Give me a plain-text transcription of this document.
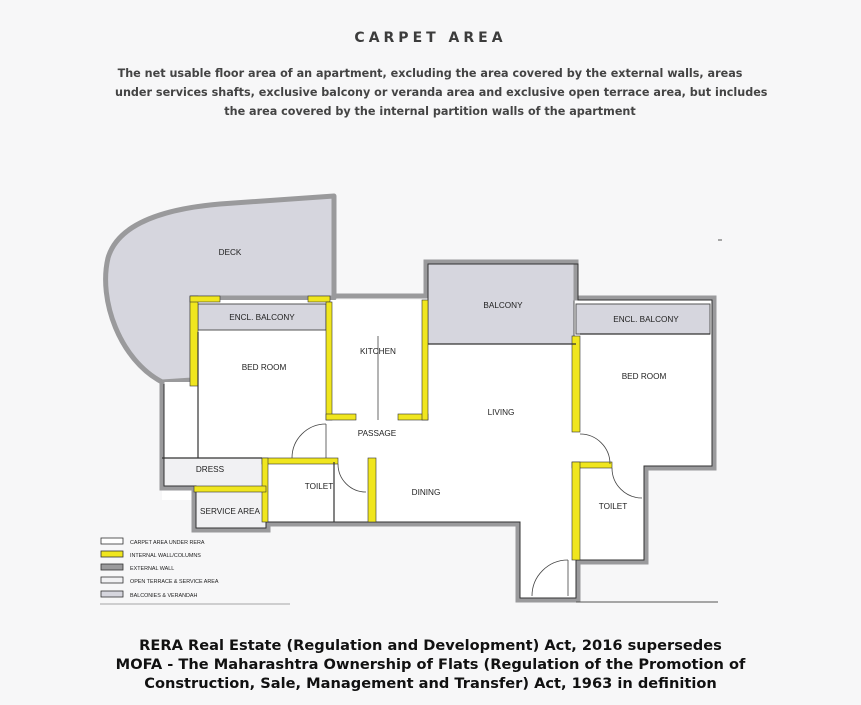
CARPET AREA
The net usable floor area of an apartment, excluding the area covered by the external walls, areas
under services shafts, exclusive balcony or veranda area and exclusive open terrace area, but includes
the area covered by the internal partition walls of the apartment
DECK
ENCL. BALCONY
BED ROOM
KITCHEN
BALCONY
ENCL. BALCONY
BED ROOM
LIVING
PASSAGE
DRESS
TOILET
DINING
TOILET
SERVICE AREA
CARPET AREA UNDER RERA
INTERNAL WALL/COLUMNS
EXTERNAL WALL
OPEN TERRACE & SERVICE AREA
BALCONIES & VERANDAH
RERA Real Estate (Regulation and Development) Act, 2016 supersedes
MOFA - The Maharashtra Ownership of Flats (Regulation of the Promotion of
Construction, Sale, Management and Transfer) Act, 1963 in definition
